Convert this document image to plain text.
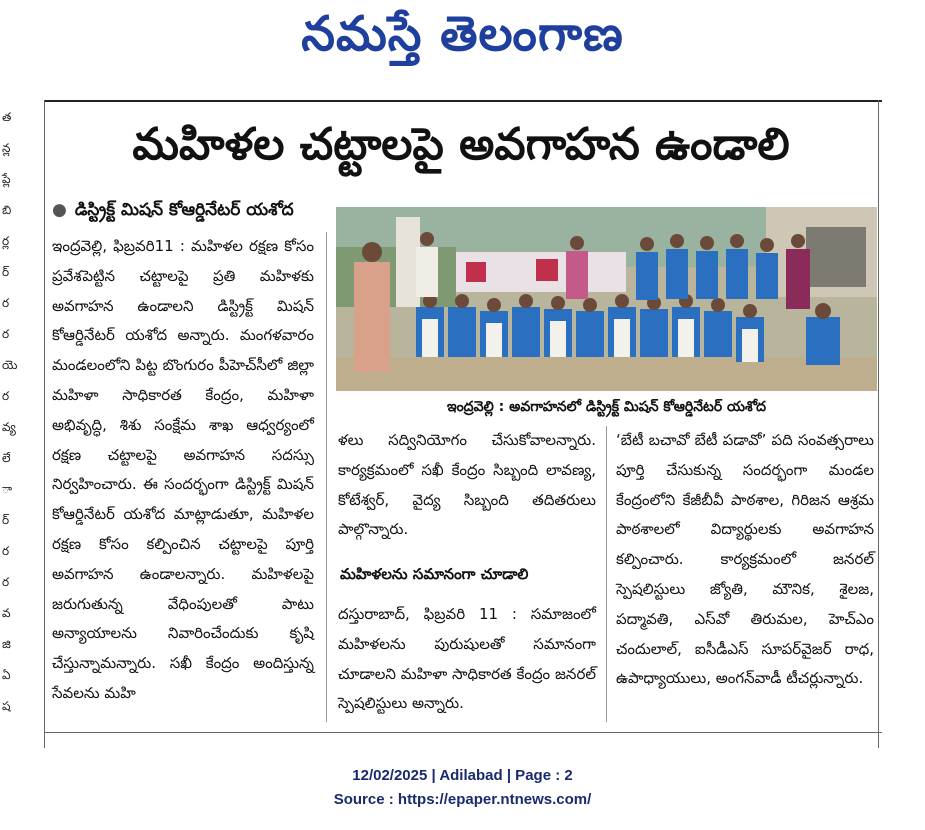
నమస్తే తెలంగాణ
త
న్ల
ప్లే
బి
ర్ల
ర్
ర
ర
యె
ర
వ్య
లే
ా
ర్
ర
ర
వ
జి
ఏ
ష
మహిళల చట్టాలపై అవగాహన ఉండాలి
● డిస్ట్రిక్ట్ మిషన్ కోఆర్డినేటర్ యశోద
ఇంద్రవెల్లి : అవగాహనలో డిస్ట్రిక్ట్ మిషన్ కోఆర్డినేటర్ యశోద

ఇంద్రవెల్లి, ఫిబ్రవరి11 : మహిళల రక్షణ కోసం ప్రవేశపెట్టిన చట్టాలపై ప్రతి మహిళకు అవగాహన ఉండాలని డిస్ట్రిక్ట్ మిషన్ కోఆర్డినేటర్ యశోద అన్నారు. మంగళవారం మండలంలోని పిట్ట బొంగురం పీహెచ్‌సీలో జిల్లా మహిళా సాధికారత కేంద్రం, మహిళా అభివృద్ధి, శిశు సంక్షేమ శాఖ ఆధ్వర్యంలో రక్షణ చట్టాలపై అవగాహన సదస్సు నిర్వహించారు. ఈ సందర్భంగా డిస్ట్రిక్ట్ మిషన్ కోఆర్డినేటర్ యశోద మాట్లాడుతూ, మహిళల రక్షణ కోసం కల్పించిన చట్టాలపై పూర్తి అవగాహన ఉండాలన్నారు. మహిళలపై జరుగుతున్న వేధింపులతో పాటు అన్యాయాలను నివారించేందుకు కృషి చేస్తున్నామన్నారు. సఖీ కేంద్రం అందిస్తున్న సేవలను మహి

ళలు సద్వినియోగం చేసుకోవాలన్నారు. కార్యక్రమంలో సఖీ కేంద్రం సిబ్బంది లావణ్య, కోటేశ్వర్, వైద్య సిబ్బంది తదితరులు పాల్గొన్నారు.

మహిళలను సమానంగా చూడాలి

దస్తురాబాద్, ఫిబ్రవరి 11 : సమాజంలో మహిళలను పురుషులతో సమానంగా చూడాలని మహిళా సాధికారత కేంద్రం జనరల్ స్పెషలిస్టులు అన్నారు.

‘బేటీ బచావో బేటీ పడావో’ పది సంవత్సరాలు పూర్తి చేసుకున్న సందర్భంగా మండల కేంద్రంలోని కేజీబీవీ పాఠశాల, గిరిజన ఆశ్రమ పాఠశాలలో విద్యార్థులకు అవగాహన కల్పించారు. కార్యక్రమంలో జనరల్ స్పెషలిస్టులు జ్యోతి, మౌనిక, శైలజ, పద్మావతి, ఎస్‌వో తిరుమల, హెచ్‌ఎం చందులాల్, ఐసీడీఎస్ సూపర్‌వైజర్ రాధ, ఉపాధ్యాయులు, అంగన్‌వాడీ టీచర్లున్నారు.

12/02/2025 | Adilabad | Page : 2
Source : https://epaper.ntnews.com/
